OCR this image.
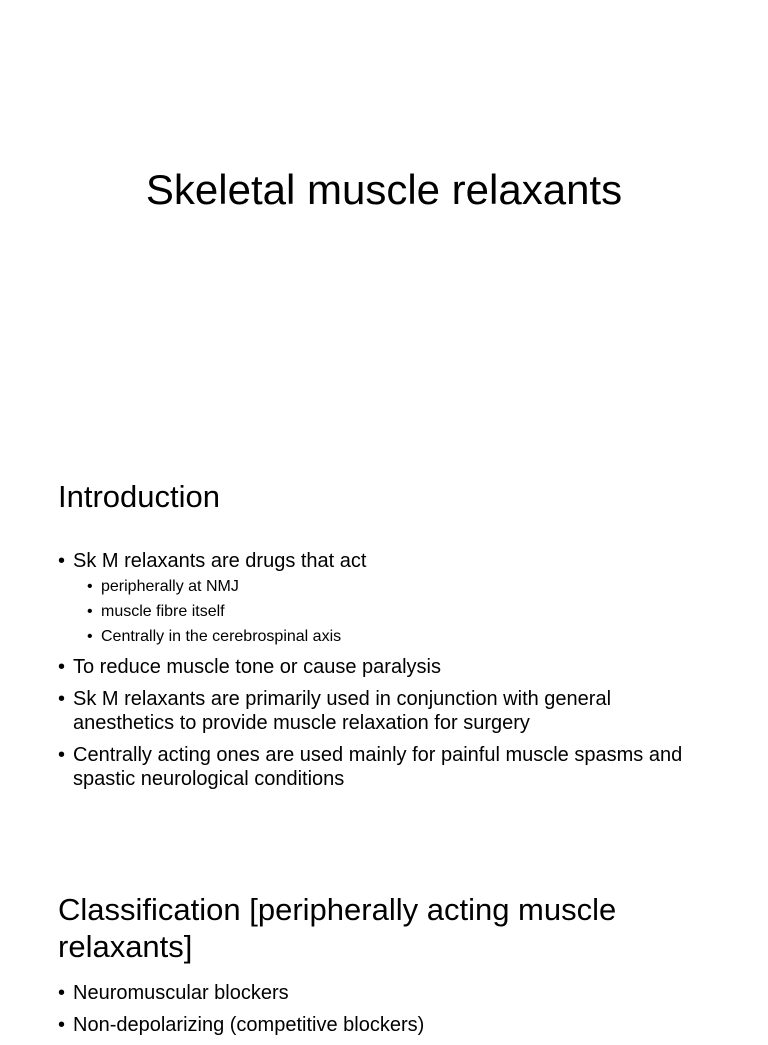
Skeletal muscle relaxants
Introduction
• Sk M relaxants are drugs that act
• peripherally at NMJ
• muscle fibre itself
• Centrally in the cerebrospinal axis
• To reduce muscle tone or cause paralysis
• Sk M relaxants are primarily used in conjunction with general anesthetics to provide muscle relaxation for surgery
• Centrally acting ones are used mainly for painful muscle spasms and spastic neurological conditions
Classification [peripherally acting muscle relaxants]
• Neuromuscular blockers
• Non-depolarizing (competitive blockers)
